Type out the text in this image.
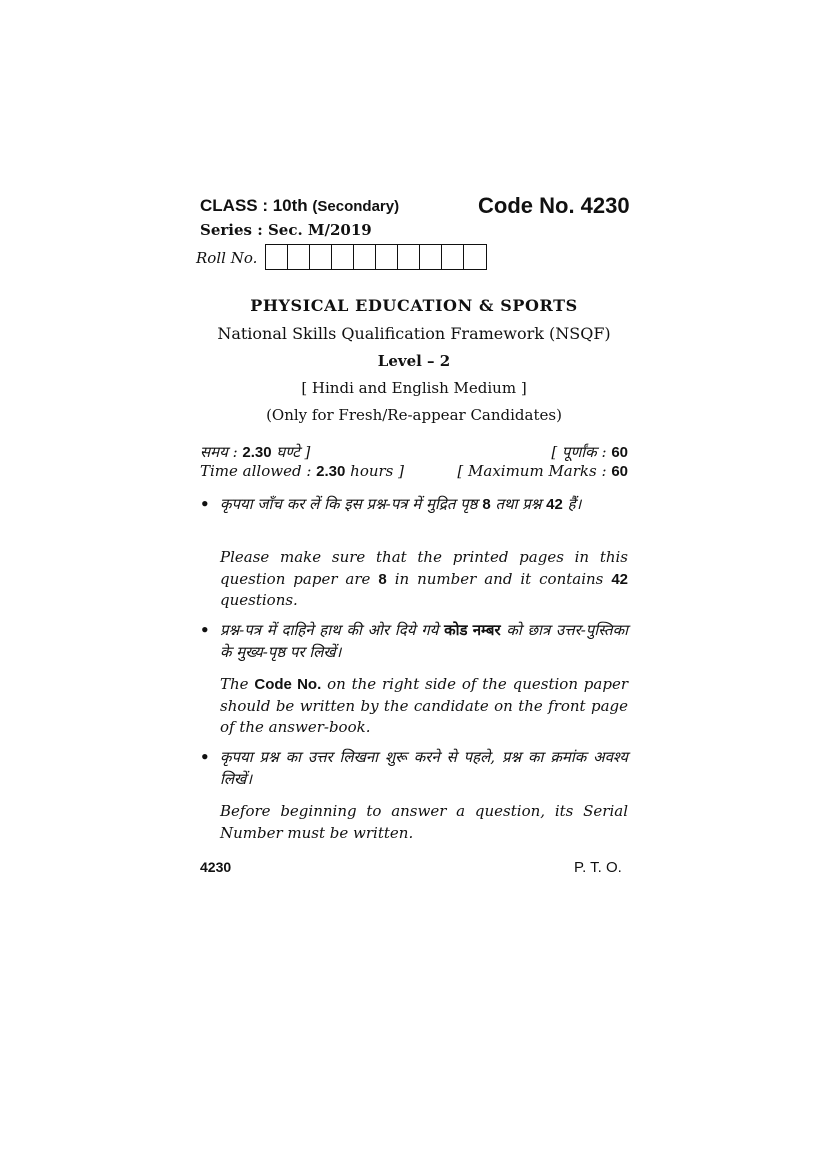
CLASS : 10th (Secondary)	Code No. 4230
Series : Sec. M/2019
Roll No.
PHYSICAL EDUCATION & SPORTS
National Skills Qualification Framework (NSQF)
Level – 2
[ Hindi and English Medium ]
(Only for Fresh/Re-appear Candidates)
समय : 2.30 घण्टे ]	[ पूर्णांक : 60
Time allowed : 2.30 hours ]	[ Maximum Marks : 60
• कृपया जाँच कर लें कि इस प्रश्न-पत्र में मुद्रित पृष्ठ 8 तथा प्रश्न 42 हैं।
Please make sure that the printed pages in this question paper are 8 in number and it contains 42 questions.
• प्रश्न-पत्र में दाहिने हाथ की ओर दिये गये कोड नम्बर को छात्र उत्तर-पुस्तिका के मुख्य-पृष्ठ पर लिखें।
The Code No. on the right side of the question paper should be written by the candidate on the front page of the answer-book.
• कृपया प्रश्न का उत्तर लिखना शुरू करने से पहले, प्रश्न का क्रमांक अवश्य लिखें।
Before beginning to answer a question, its Serial Number must be written.
4230	P. T. O.
